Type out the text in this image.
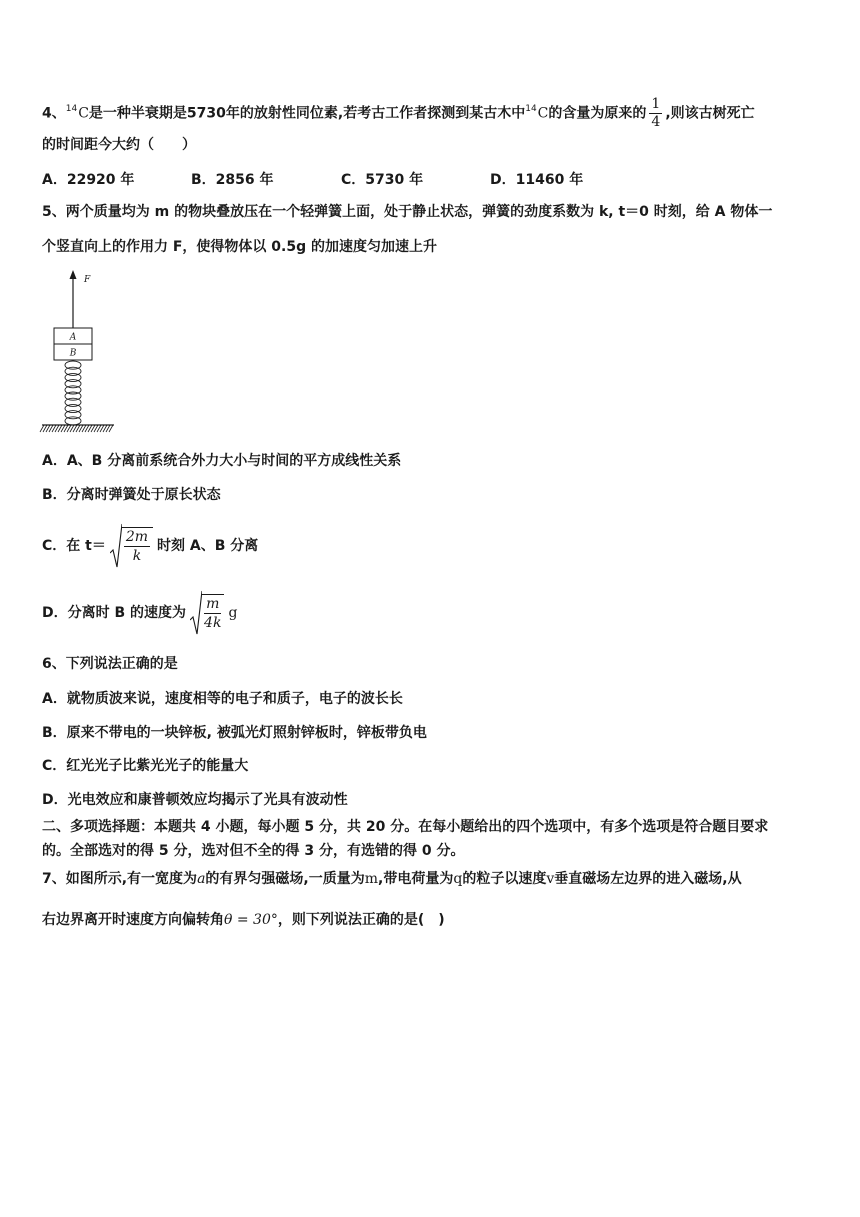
4、$^{14}$C是一种半衰期是5730年的放射性同位素,若考古工作者探测到某古木中$^{14}$C的含量为原来的 $\frac{1}{4}$ ,则该古树死亡
的时间距今大约（　　）
A．22920 年	B．2856 年	C．5730 年	D．11460 年
5、两个质量均为 m 的物块叠放压在一个轻弹簧上面，处于静止状态，弹簧的劲度系数为 k, t＝0 时刻，给 A 物体一
个竖直向上的作用力 F，使得物体以 0.5g 的加速度匀加速上升
F
A
B
A．A、B 分离前系统合外力大小与时间的平方成线性关系
B．分离时弹簧处于原长状态
C．在 $t= \frac{2m}{k}$ 时刻 A、B 分离
D．分离时 B 的速度为 $\frac{m}{4k}$ g
6、下列说法正确的是
A．就物质波来说，速度相等的电子和质子，电子的波长长
B．原来不带电的一块锌板, 被弧光灯照射锌板时，锌板带负电
C．红光光子比紫光光子的能量大
D．光电效应和康普顿效应均揭示了光具有波动性
二、多项选择题：本题共 4 小题，每小题 5 分，共 20 分。在每小题给出的四个选项中，有多个选项是符合题目要求
的。全部选对的得 5 分，选对但不全的得 3 分，有选错的得 0 分。
7、如图所示,有一宽度为a的有界匀强磁场,一质量为m,带电荷量为q的粒子以速度v垂直磁场左边界的进入磁场,从
右边界离开时速度方向偏转角θ = 30°，则下列说法正确的是(　)
